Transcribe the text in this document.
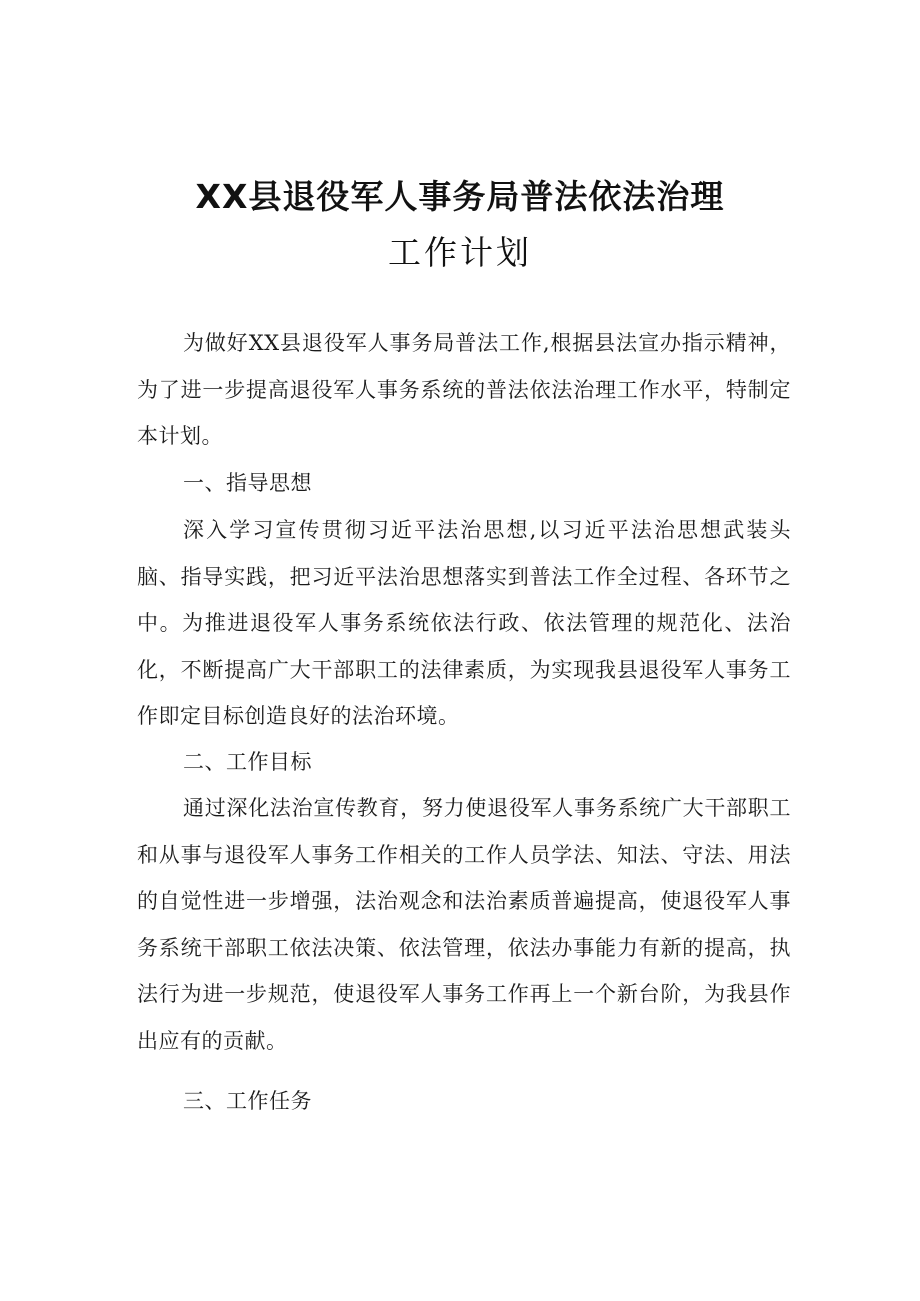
XX县退役军人事务局普法依法治理
工作计划

为做好XX县退役军人事务局普法工作,根据县法宣办指示精神，为了进一步提高退役军人事务系统的普法依法治理工作水平，特制定本计划。

一、指导思想

深入学习宣传贯彻习近平法治思想,以习近平法治思想武装头脑、指导实践，把习近平法治思想落实到普法工作全过程、各环节之中。为推进退役军人事务系统依法行政、依法管理的规范化、法治化，不断提高广大干部职工的法律素质，为实现我县退役军人事务工作即定目标创造良好的法治环境。

二、工作目标

通过深化法治宣传教育，努力使退役军人事务系统广大干部职工和从事与退役军人事务工作相关的工作人员学法、知法、守法、用法的自觉性进一步增强，法治观念和法治素质普遍提高，使退役军人事务系统干部职工依法决策、依法管理，依法办事能力有新的提高，执法行为进一步规范，使退役军人事务工作再上一个新台阶，为我县作出应有的贡献。

三、工作任务
